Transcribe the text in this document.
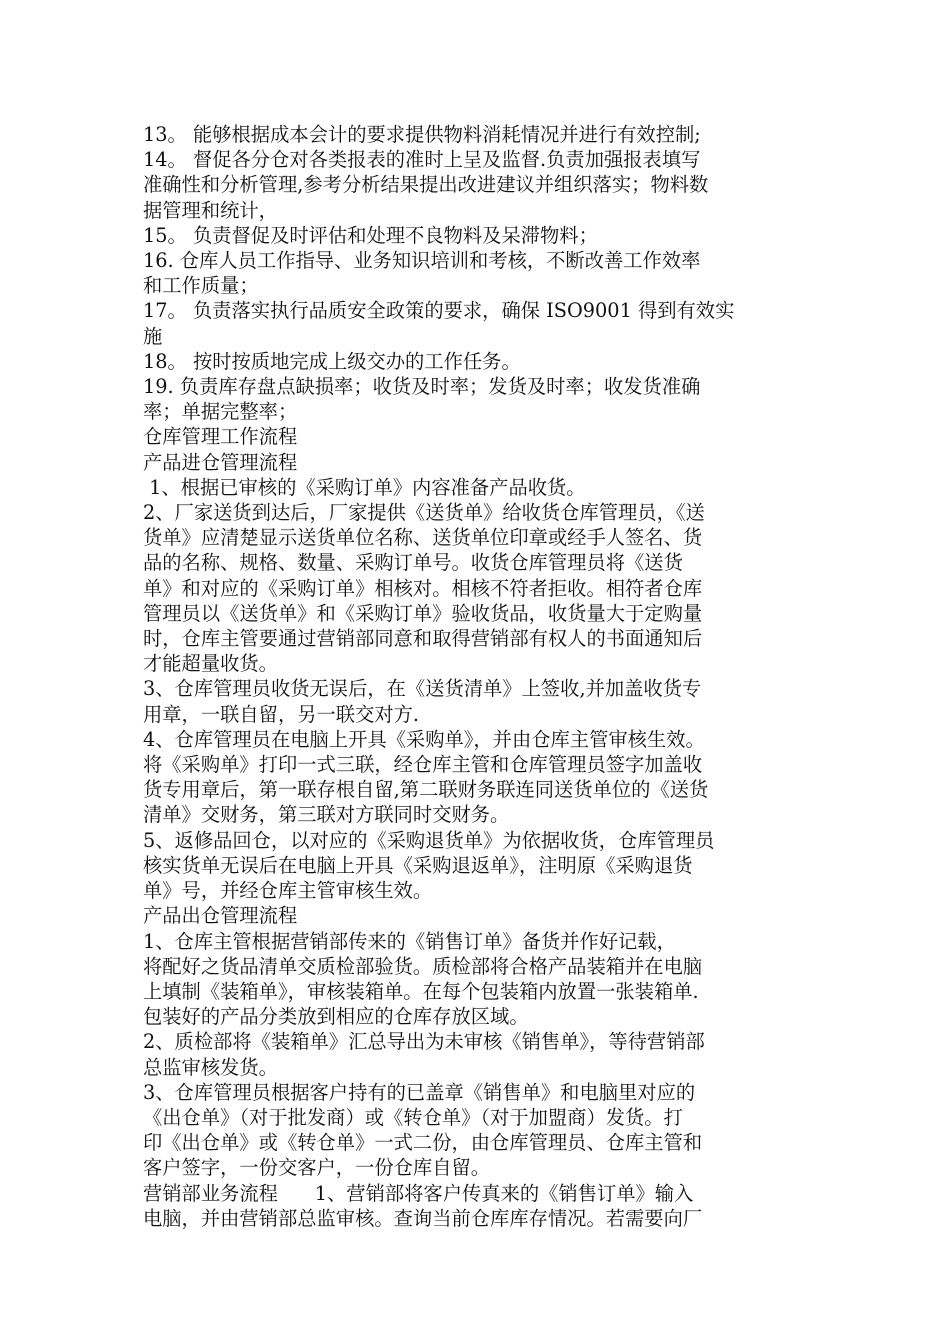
13。 能够根据成本会计的要求提供物料消耗情况并进行有效控制;
14。 督促各分仓对各类报表的准时上呈及监督.负责加强报表填写
准确性和分析管理,参考分析结果提出改进建议并组织落实；物料数
据管理和统计，
15。 负责督促及时评估和处理不良物料及呆滞物料；
16. 仓库人员工作指导、业务知识培训和考核，不断改善工作效率
和工作质量；
17。 负责落实执行品质安全政策的要求，确保 ISO9001 得到有效实
施
18。 按时按质地完成上级交办的工作任务。
19. 负责库存盘点缺损率；收货及时率；发货及时率；收发货准确
率；单据完整率；
仓库管理工作流程
产品进仓管理流程
1、根据已审核的《采购订单》内容准备产品收货。
2、厂家送货到达后，厂家提供《送货单》给收货仓库管理员，《送
货单》应清楚显示送货单位名称、送货单位印章或经手人签名、货
品的名称、规格、数量、采购订单号。收货仓库管理员将《送货
单》和对应的《采购订单》相核对。相核不符者拒收。相符者仓库
管理员以《送货单》和《采购订单》验收货品，收货量大于定购量
时，仓库主管要通过营销部同意和取得营销部有权人的书面通知后
才能超量收货。
3、仓库管理员收货无误后，在《送货清单》上签收,并加盖收货专
用章，一联自留，另一联交对方.
4、仓库管理员在电脑上开具《采购单》，并由仓库主管审核生效。
将《采购单》打印一式三联，经仓库主管和仓库管理员签字加盖收
货专用章后，第一联存根自留,第二联财务联连同送货单位的《送货
清单》交财务，第三联对方联同时交财务。
5、返修品回仓，以对应的《采购退货单》为依据收货，仓库管理员
核实货单无误后在电脑上开具《采购退返单》，注明原《采购退货
单》号，并经仓库主管审核生效。
产品出仓管理流程
1、仓库主管根据营销部传来的《销售订单》备货并作好记载，
将配好之货品清单交质检部验货。质检部将合格产品装箱并在电脑
上填制《装箱单》，审核装箱单。在每个包装箱内放置一张装箱单.
包装好的产品分类放到相应的仓库存放区域。
2、质检部将《装箱单》汇总导出为未审核《销售单》，等待营销部
总监审核发货。
3、仓库管理员根据客户持有的已盖章《销售单》和电脑里对应的
《出仓单》（对于批发商）或《转仓单》（对于加盟商）发货。打
印《出仓单》或《转仓单》一式二份，由仓库管理员、仓库主管和
客户签字，一份交客户，一份仓库自留。
营销部业务流程      1、营销部将客户传真来的《销售订单》输入
电脑，并由营销部总监审核。查询当前仓库库存情况。若需要向厂
